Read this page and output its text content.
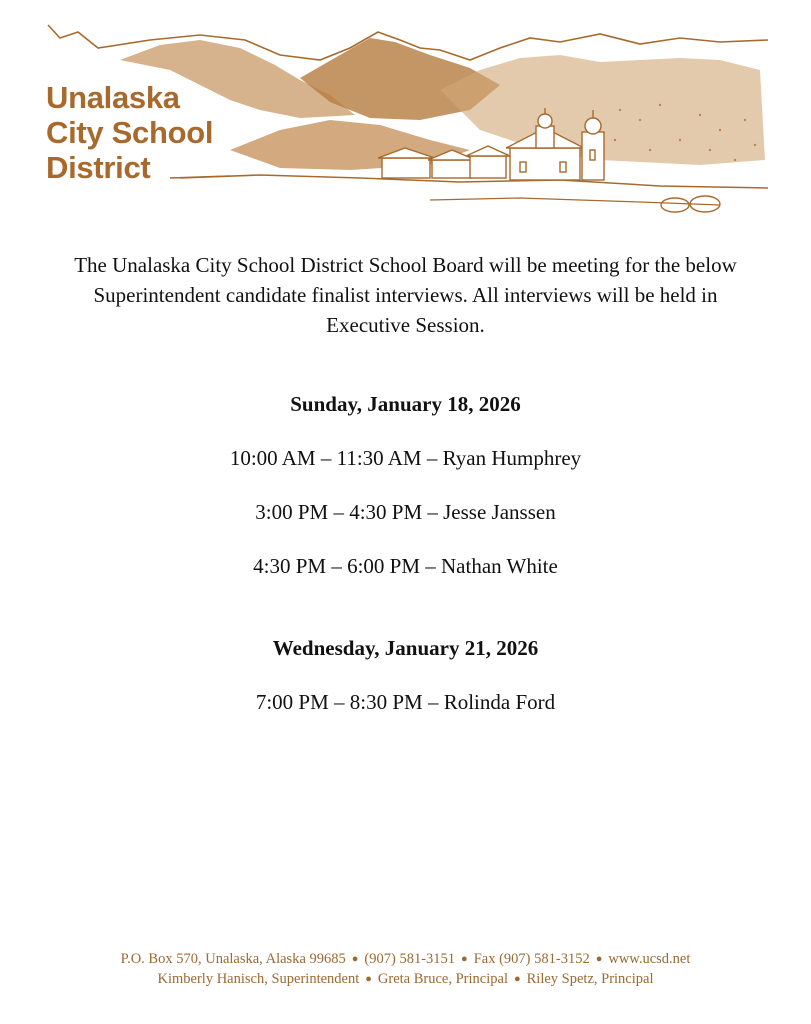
Unalaska
City School
District
The Unalaska City School District School Board will be meeting for the below Superintendent candidate finalist interviews. All interviews will be held in Executive Session.
Sunday, January 18, 2026
10:00 AM – 11:30 AM – Ryan Humphrey
3:00 PM – 4:30 PM – Jesse Janssen
4:30 PM – 6:00 PM – Nathan White
Wednesday, January 21, 2026
7:00 PM – 8:30 PM – Rolinda Ford
P.O. Box 570, Unalaska, Alaska 99685 ● (907) 581-3151 ● Fax (907) 581-3152 ● www.ucsd.net
Kimberly Hanisch, Superintendent ● Greta Bruce, Principal ● Riley Spetz, Principal
